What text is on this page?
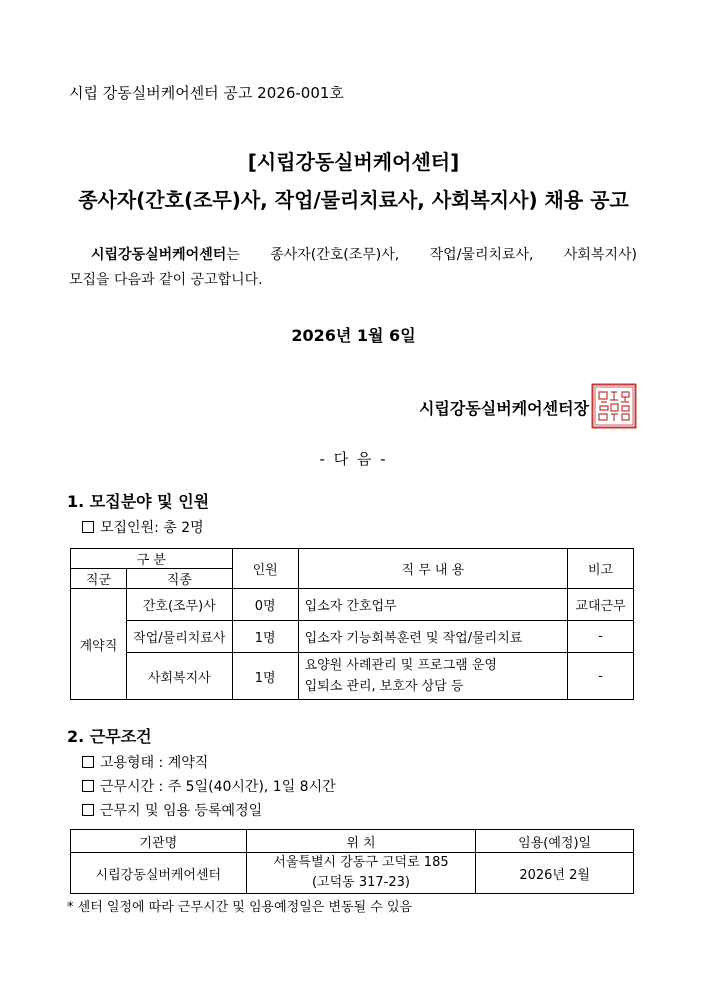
시립 강동실버케어센터 공고 2026-001호
[시립강동실버케어센터]
종사자(간호(조무)사, 작업/물리치료사, 사회복지사) 채용 공고
시립강동실버케어센터는 종사자(간호(조무)사, 작업/물리치료사, 사회복지사)
모집을 다음과 같이 공고합니다.
2026년 1월 6일
시립강동실버케어센터장
- 다 음 -
1. 모집분야 및 인원
모집인원: 총 2명
구 분		인원	직 무 내 용	비고
직군	직종			
계약직	간호(조무)사	0명	입소자 간호업무	교대근무
	작업/물리치료사	1명	입소자 기능회복훈련 및 작업/물리치료	-
	사회복지사	1명	요양원 사례관리 및 프로그램 운영
입퇴소 관리, 보호자 상담 등	-
2. 근무조건
고용형태 : 계약직
근무시간 : 주 5일(40시간), 1일 8시간
근무지 및 임용 등록예정일
기관명	위 치	임용(예정)일
시립강동실버케어센터	서울특별시 강동구 고덕로 185
(고덕동 317-23)	2026년 2월
* 센터 일정에 따라 근무시간 및 임용예정일은 변동될 수 있음
